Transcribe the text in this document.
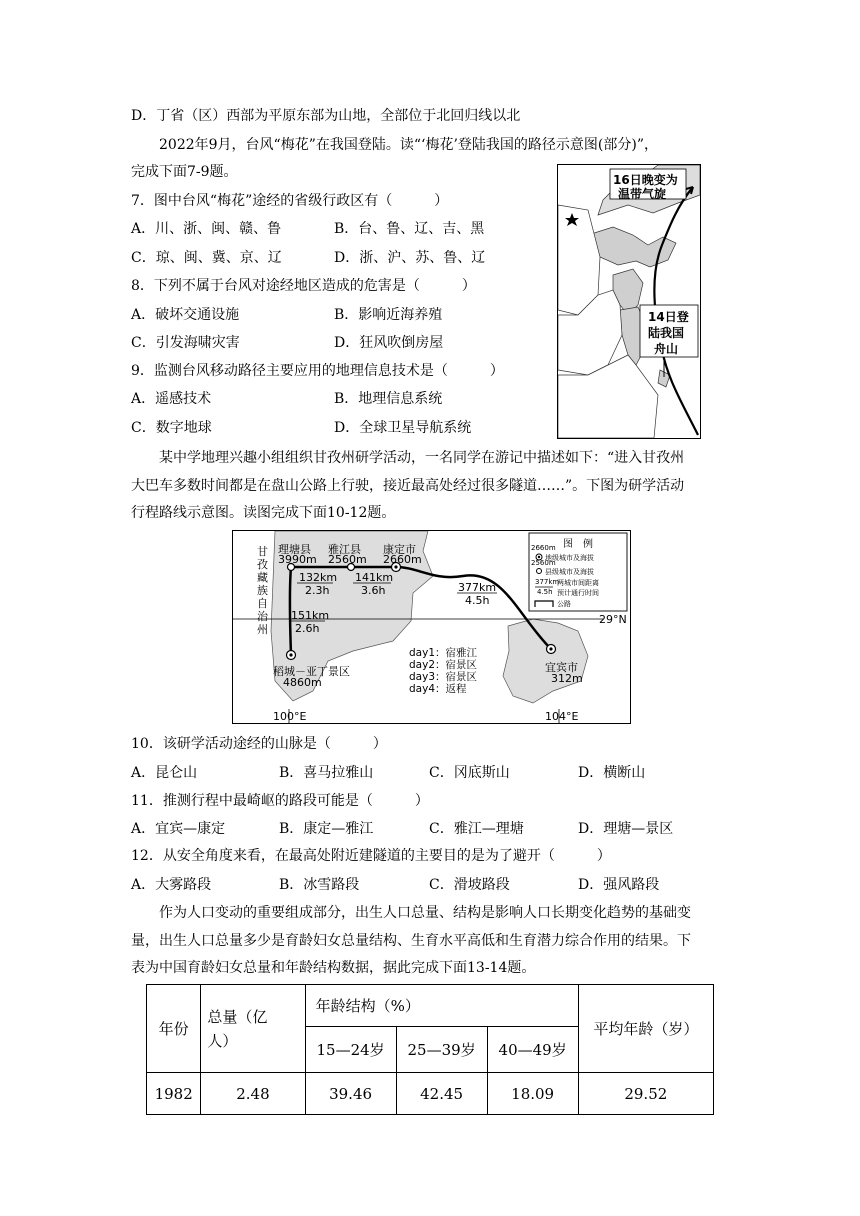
D．丁省（区）西部为平原东部为山地，全部位于北回归线以北
2022年9月，台风“梅花”在我国登陆。读“‘梅花’登陆我国的路径示意图(部分)”，
完成下面7-9题。
7．图中台风“梅花”途经的省级行政区有（　　　）
A．川、浙、闽、赣、鲁	B．台、鲁、辽、吉、黑
C．琼、闽、冀、京、辽	D．浙、沪、苏、鲁、辽
8．下列不属于台风对途经地区造成的危害是（　　　）
A．破坏交通设施	B．影响近海养殖
C．引发海啸灾害	D．狂风吹倒房屋
9．监测台风移动路径主要应用的地理信息技术是（　　　）
A．遥感技术	B．地理信息系统
C．数字地球	D．全球卫星导航系统
16日晚变为
温带气旋
14日登
陆我国
舟山
某中学地理兴趣小组组织甘孜州研学活动，一名同学在游记中描述如下：“进入甘孜州
大巴车多数时间都是在盘山公路上行驶，接近最高处经过很多隧道……”。下图为研学活动
行程路线示意图。读图完成下面10-12题。
甘
孜
藏
族
自
治
州
理塘县
3990m
雅江县
2560m
康定市
2660m
132km
2.3h
141km
3.6h	377km
4.5h
151km
2.6h
稻城－亚丁景区
4860m
宜宾市
312m
29°N
100°E	104°E
day1：宿雅江
day2：宿景区
day3：宿景区
day4：返程
图　例
2660m
地级城市及海拔
2560m
县级城市及海拔
377km
两城市间距离
4.5h 预计通行时间
公路
10．该研学活动途经的山脉是（　　　）
A．昆仑山	B．喜马拉雅山	C．冈底斯山	D．横断山
11．推测行程中最崎岖的路段可能是（　　　）
A．宜宾—康定	B．康定—雅江	C．雅江—理塘	D．理塘—景区
12．从安全角度来看，在最高处附近建隧道的主要目的是为了避开（　　　）
A．大雾路段	B．冰雪路段	C．滑坡路段	D．强风路段
作为人口变动的重要组成部分，出生人口总量、结构是影响人口长期变化趋势的基础变
量，出生人口总量多少是育龄妇女总量结构、生育水平高低和生育潜力综合作用的结果。下
表为中国育龄妇女总量和年龄结构数据，据此完成下面13-14题。
年份	总量（亿
人）	年龄结构（%）			平均年龄（岁）
		15—24岁	25—39岁	40—49岁	
1982	2.48	39.46	42.45	18.09	29.52
